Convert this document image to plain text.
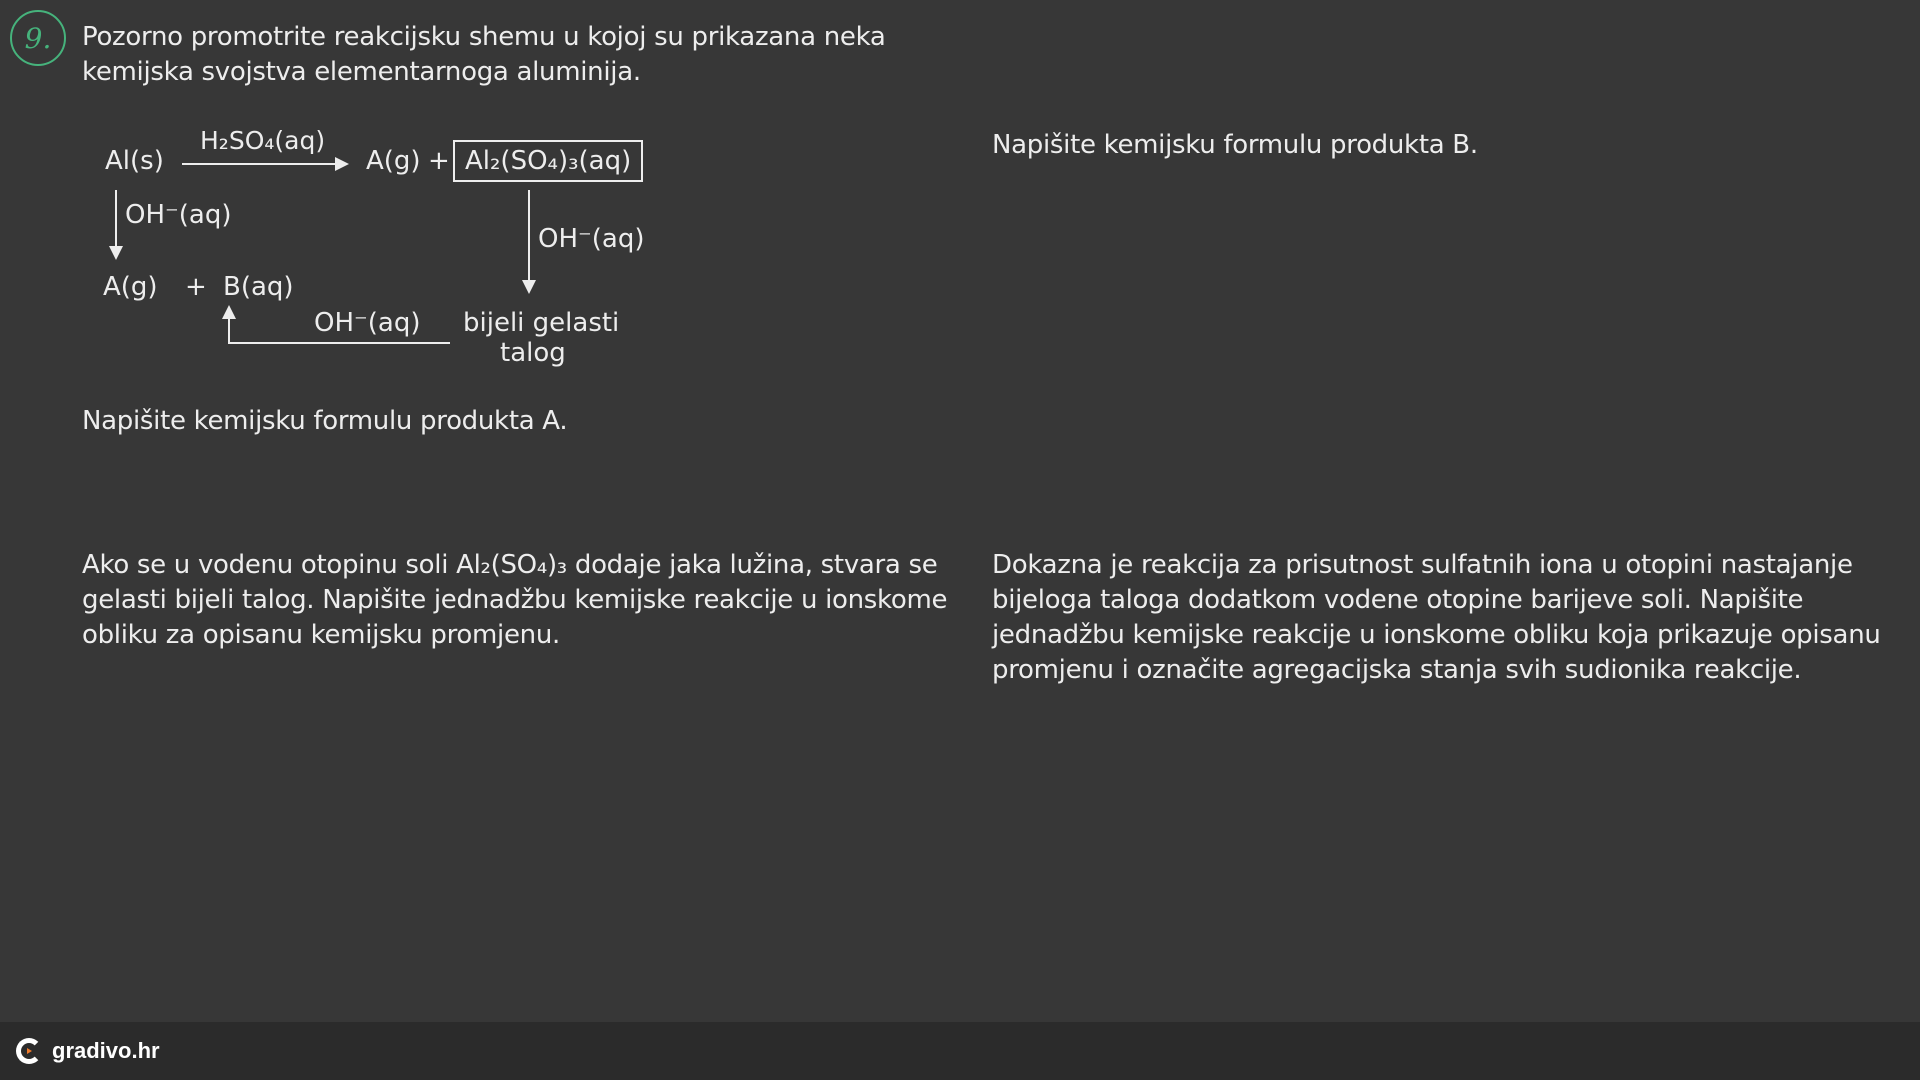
9. Pozorno promotrite reakcijsku shemu u kojoj su prikazana neka kemijska svojstva elementarnoga aluminija.
Al(s)
H₂SO₄(aq)
A(g) + Al₂(SO₄)₃(aq)
OH⁻(aq)
OH⁻(aq)
A(g) + B(aq)
OH⁻(aq) bijeli gelasti
talog
Napišite kemijsku formulu produkta B.
Napišite kemijsku formulu produkta A.
Ako se u vodenu otopinu soli Al₂(SO₄)₃ dodaje jaka lužina, stvara se gelasti bijeli talog. Napišite jednadžbu kemijske reakcije u ionskome obliku za opisanu kemijsku promjenu.
Dokazna je reakcija za prisutnost sulfatnih iona u otopini nastajanje bijeloga taloga dodatkom vodene otopine barijeve soli. Napišite jednadžbu kemijske reakcije u ionskome obliku koja prikazuje opisanu promjenu i označite agregacijska stanja svih sudionika reakcije.
gradivo.hr
